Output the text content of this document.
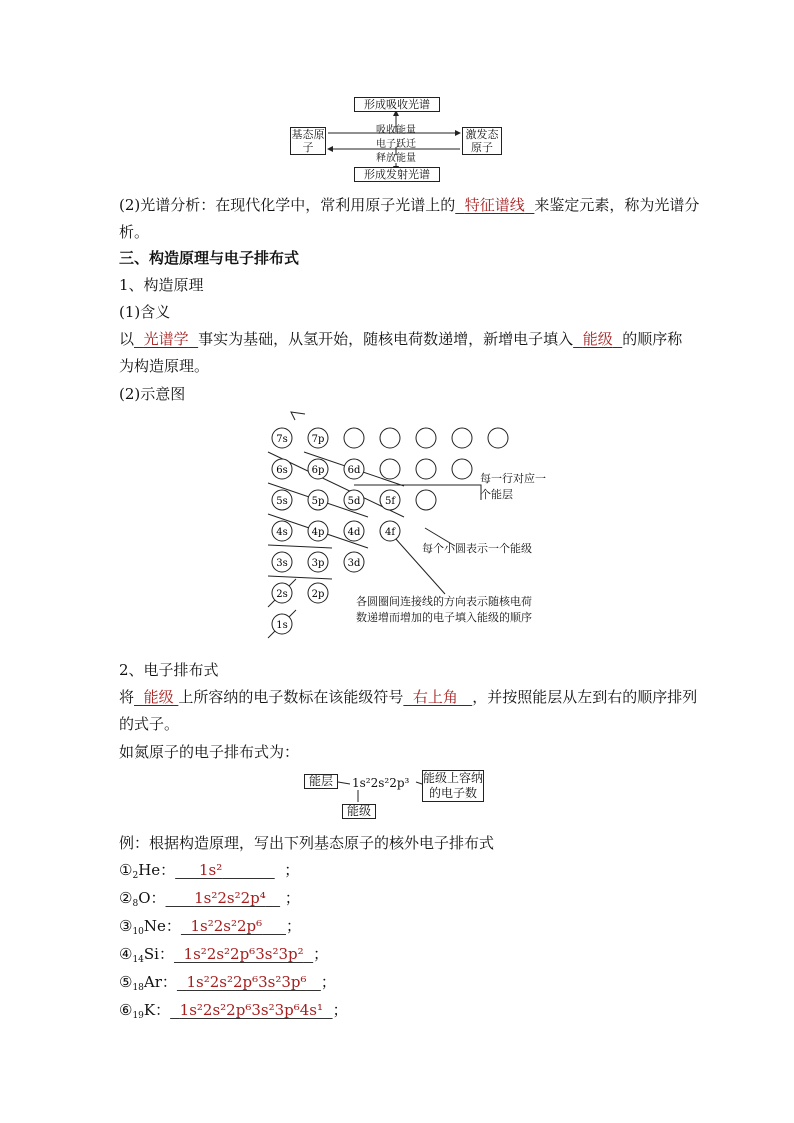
形成吸收光谱
形成发射光谱
基态原子
激发态原子
吸收能量
电子跃迁
释放能量
(2)光谱分析：在现代化学中，常利用原子光谱上的 特征谱线 来鉴定元素，称为光谱分
析。
三、构造原理与电子排布式
1、构造原理
(1)含义
以 光谱学 事实为基础，从氢开始，随核电荷数递增，新增电子填入 能级 的顺序称
为构造原理。
(2)示意图
7s 7p
6s 6p 6d
5s 5p 5d 5f
4s 4p 4d 4f
3s 3p 3d
2s 2p
1s
每一行对应一个能层
每个小圆表示一个能级
各圆圈间连接线的方向表示随核电荷数递增而增加的电子填入能级的顺序
2、电子排布式
将 能级 上所容纳的电子数标在该能级符号 右上角 ，并按照能层从左到右的顺序排列
的式子。
如氮原子的电子排布式为：
能层	1s²2s²2p³
能级
能级上容纳的电子数
例：根据构造原理，写出下列基态原子的核外电子排布式
$①_2He$： 1s²	；
$②_8O$： 1s²2s²2p⁴ ；
$③_{10}Ne$： 1s²2s²2p⁶ ；
$④_{14}Si$： 1s²2s²2p⁶3s²3p² ；
$⑤_{18}Ar$： 1s²2s²2p⁶3s²3p⁶ ；
$⑥_{19}K$： 1s²2s²2p⁶3s²3p⁶4s¹ ；
